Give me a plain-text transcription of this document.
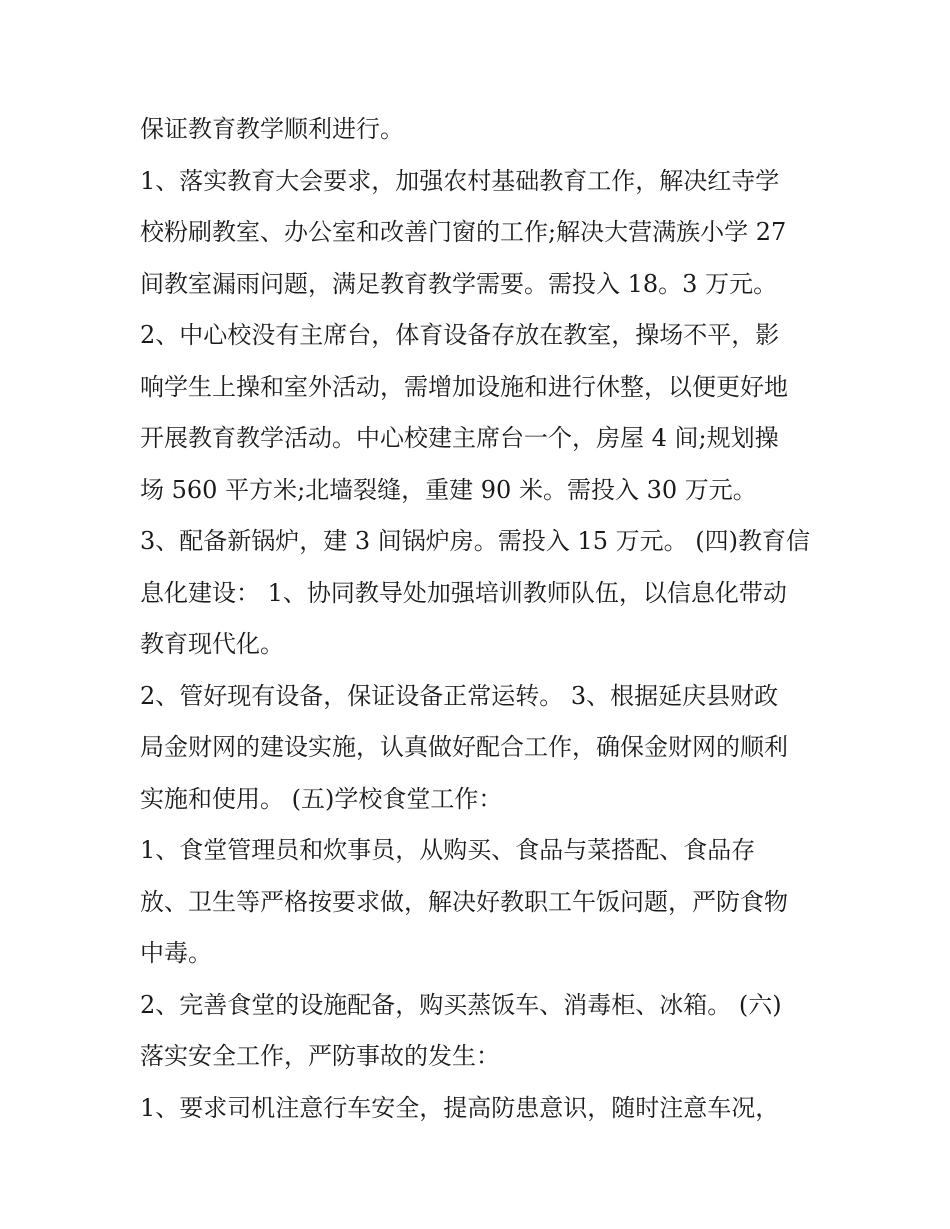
保证教育教学顺利进行。
1、落实教育大会要求，加强农村基础教育工作，解决红寺学
校粉刷教室、办公室和改善门窗的工作;解决大营满族小学 27
间教室漏雨问题，满足教育教学需要。需投入 18。3 万元。
2、中心校没有主席台，体育设备存放在教室，操场不平，影
响学生上操和室外活动，需增加设施和进行休整，以便更好地
开展教育教学活动。中心校建主席台一个，房屋 4 间;规划操
场 560 平方米;北墙裂缝，重建 90 米。需投入 30 万元。
3、配备新锅炉，建 3 间锅炉房。需投入 15 万元。 (四)教育信
息化建设： 1、协同教导处加强培训教师队伍，以信息化带动
教育现代化。
2、管好现有设备，保证设备正常运转。 3、根据延庆县财政
局金财网的建设实施，认真做好配合工作，确保金财网的顺利
实施和使用。 (五)学校食堂工作：
1、食堂管理员和炊事员，从购买、食品与菜搭配、食品存
放、卫生等严格按要求做，解决好教职工午饭问题，严防食物
中毒。
2、完善食堂的设施配备，购买蒸饭车、消毒柜、冰箱。 (六)
落实安全工作，严防事故的发生：
1、要求司机注意行车安全，提高防患意识，随时注意车况，
